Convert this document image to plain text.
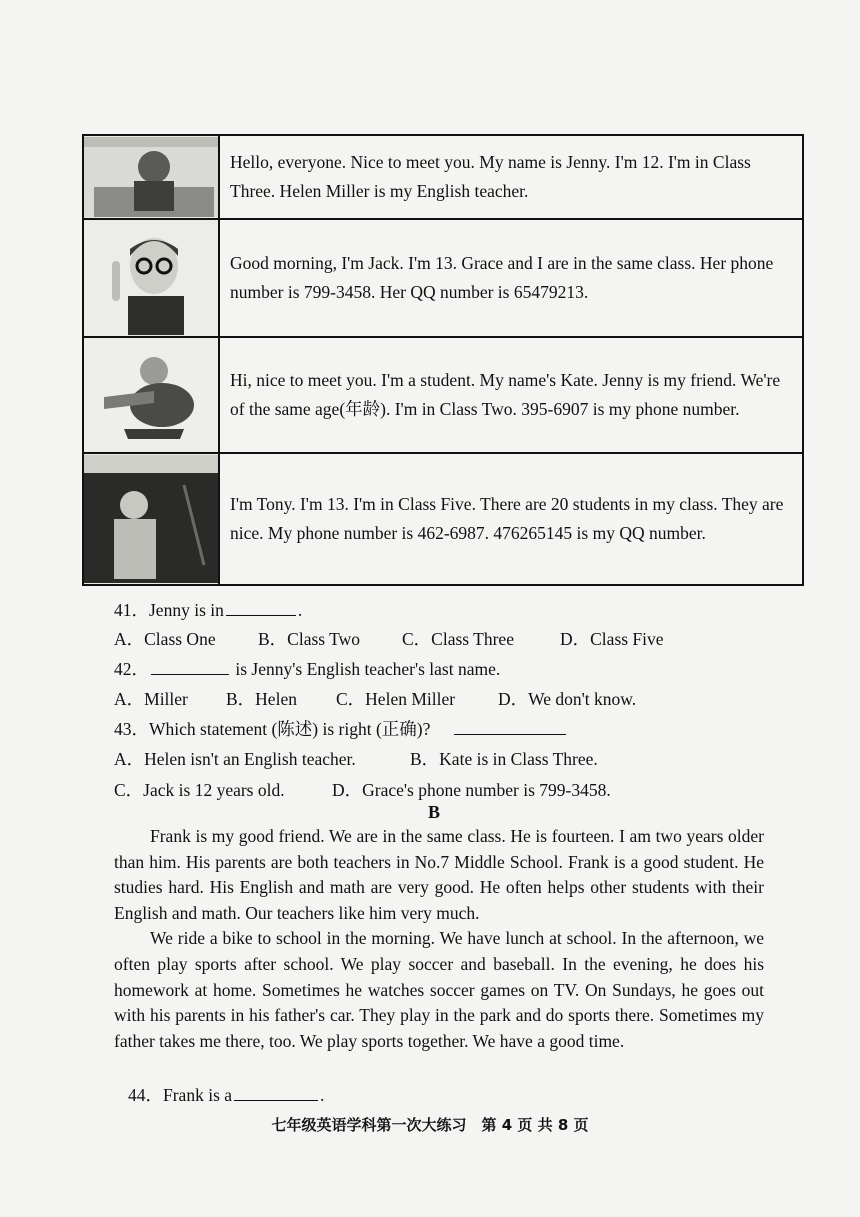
Hello, everyone. Nice to meet you. My name is Jenny. I'm 12. I'm in Class Three. Helen Miller is my English teacher.
Good morning, I'm Jack. I'm 13. Grace and I are in the same class. Her phone number is 799-3458. Her QQ number is 65479213.
Hi, nice to meet you. I'm a student. My name's Kate. Jenny is my friend. We're of the same age(年龄). I'm in Class Two. 395-6907 is my phone number.
I'm Tony. I'm 13. I'm in Class Five. There are 20 students in my class. They are nice. My phone number is 462-6987. 476265145 is my QQ number.
41．Jenny is in	.
A．Class One B．Class Two C．Class Three	D．Class Five
42．	is Jenny's English teacher's last name.
A．Miller B．Helen C．Helen Miller D．We don't know.
43．Which statement (陈述) is right (正确)?
A．Helen isn't an English teacher.	B．Kate is in Class Three.
C．Jack is 12 years old.	D．Grace's phone number is 799-3458.
B

Frank is my good friend. We are in the same class. He is fourteen. I am two years older than him. His parents are both teachers in No.7 Middle School. Frank is a good student. He studies hard. His English and math are very good. He often helps other students with their English and math. Our teachers like him very much.

We ride a bike to school in the morning. We have lunch at school. In the afternoon, we often play sports after school. We play soccer and baseball. In the evening, he does his homework at home. Sometimes he watches soccer games on TV. On Sundays, he goes out with his parents in his father's car. They play in the park and do sports there. Sometimes my father takes me there, too. We play sports together. We have a good time.

44．Frank is a	.
七年级英语学科第一次大练习　第 4 页 共 8 页
